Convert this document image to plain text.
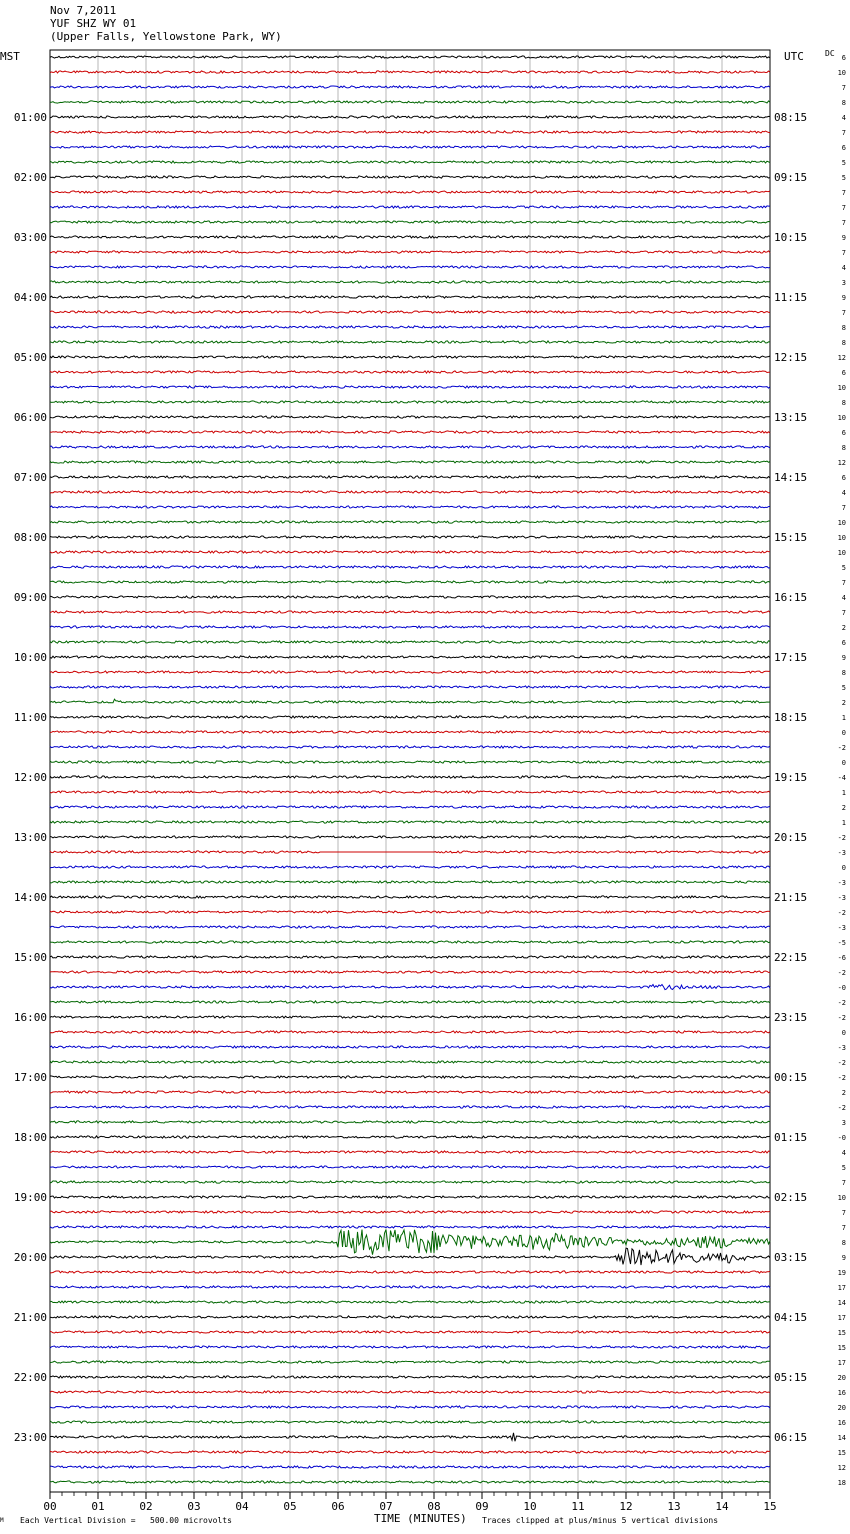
Nov 7,2011
YUF SHZ WY 01
(Upper Falls, Yellowstone Park, WY)
MST	UTC	DC
00	01	02	03	04	05	06	07	08	09	10	11	12	13	14	15
01:00
02:00
03:00
04:00
05:00
06:00
07:00
08:00
09:00
10:00
11:00
12:00
13:00
14:00
15:00
16:00
17:00
18:00
19:00
20:00
21:00
22:00
23:00
08:15
09:15
10:15
11:15
12:15
13:15
14:15
15:15
16:15
17:15
18:15
19:15
20:15
21:15
22:15
23:15
00:15
01:15
02:15
03:15
04:15
05:15
06:15
6
10
7
8
4
7
6
5
5
7
7
7
9
7
4
3
9
7
8
8
12
6
10
8
10
6
8
12
6
4
7
10
10
10
5
7
4
7
2
6
9
8
5
2
1
0
-2
0
-4
1
2
1
-2
-3
0
-3
-3
-2
-3
-5
-6
-2
-0
-2
-2
0
-3
-2
-2
2
-2
3
-0
4
5
7
10
7
7
8
9
19
17
14
17
15
15
17
20
16
20
16
14
15
12
18
M Each Vertical Division =   500.00 microvolts	TIME (MINUTES) Traces clipped at plus/minus 5 vertical divisions
